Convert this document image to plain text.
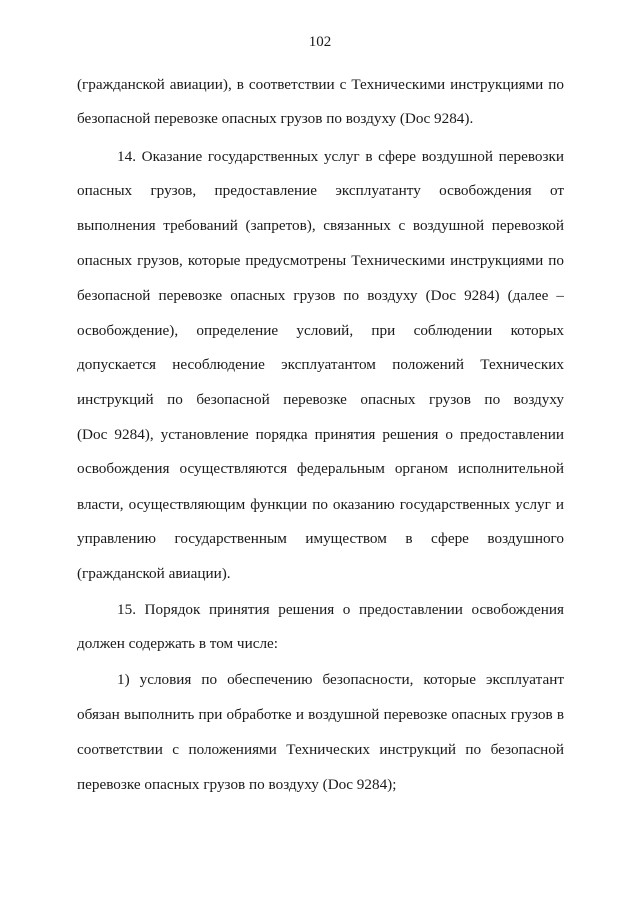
102
(гражданской авиации), в соответствии с Техническими инструкциями по
безопасной перевозке опасных грузов по воздуху (Doc 9284).
14. Оказание государственных услуг в сфере воздушной перевозки
опасных грузов, предоставление эксплуатанту освобождения от
выполнения требований (запретов), связанных с воздушной перевозкой
опасных грузов, которые предусмотрены Техническими инструкциями по
безопасной перевозке опасных грузов по воздуху (Doc 9284) (далее –
освобождение), определение условий, при соблюдении которых
допускается несоблюдение эксплуатантом положений Технических
инструкций по безопасной перевозке опасных грузов по воздуху
(Doc 9284), установление порядка принятия решения о предоставлении
освобождения осуществляются федеральным органом исполнительной
власти, осуществляющим функции по оказанию государственных услуг и
управлению государственным имуществом в сфере воздушного
(гражданской авиации).
15. Порядок принятия решения о предоставлении освобождения
должен содержать в том числе:
1) условия по обеспечению безопасности, которые эксплуатант
обязан выполнить при обработке и воздушной перевозке опасных грузов в
соответствии с положениями Технических инструкций по безопасной
перевозке опасных грузов по воздуху (Doc 9284);
